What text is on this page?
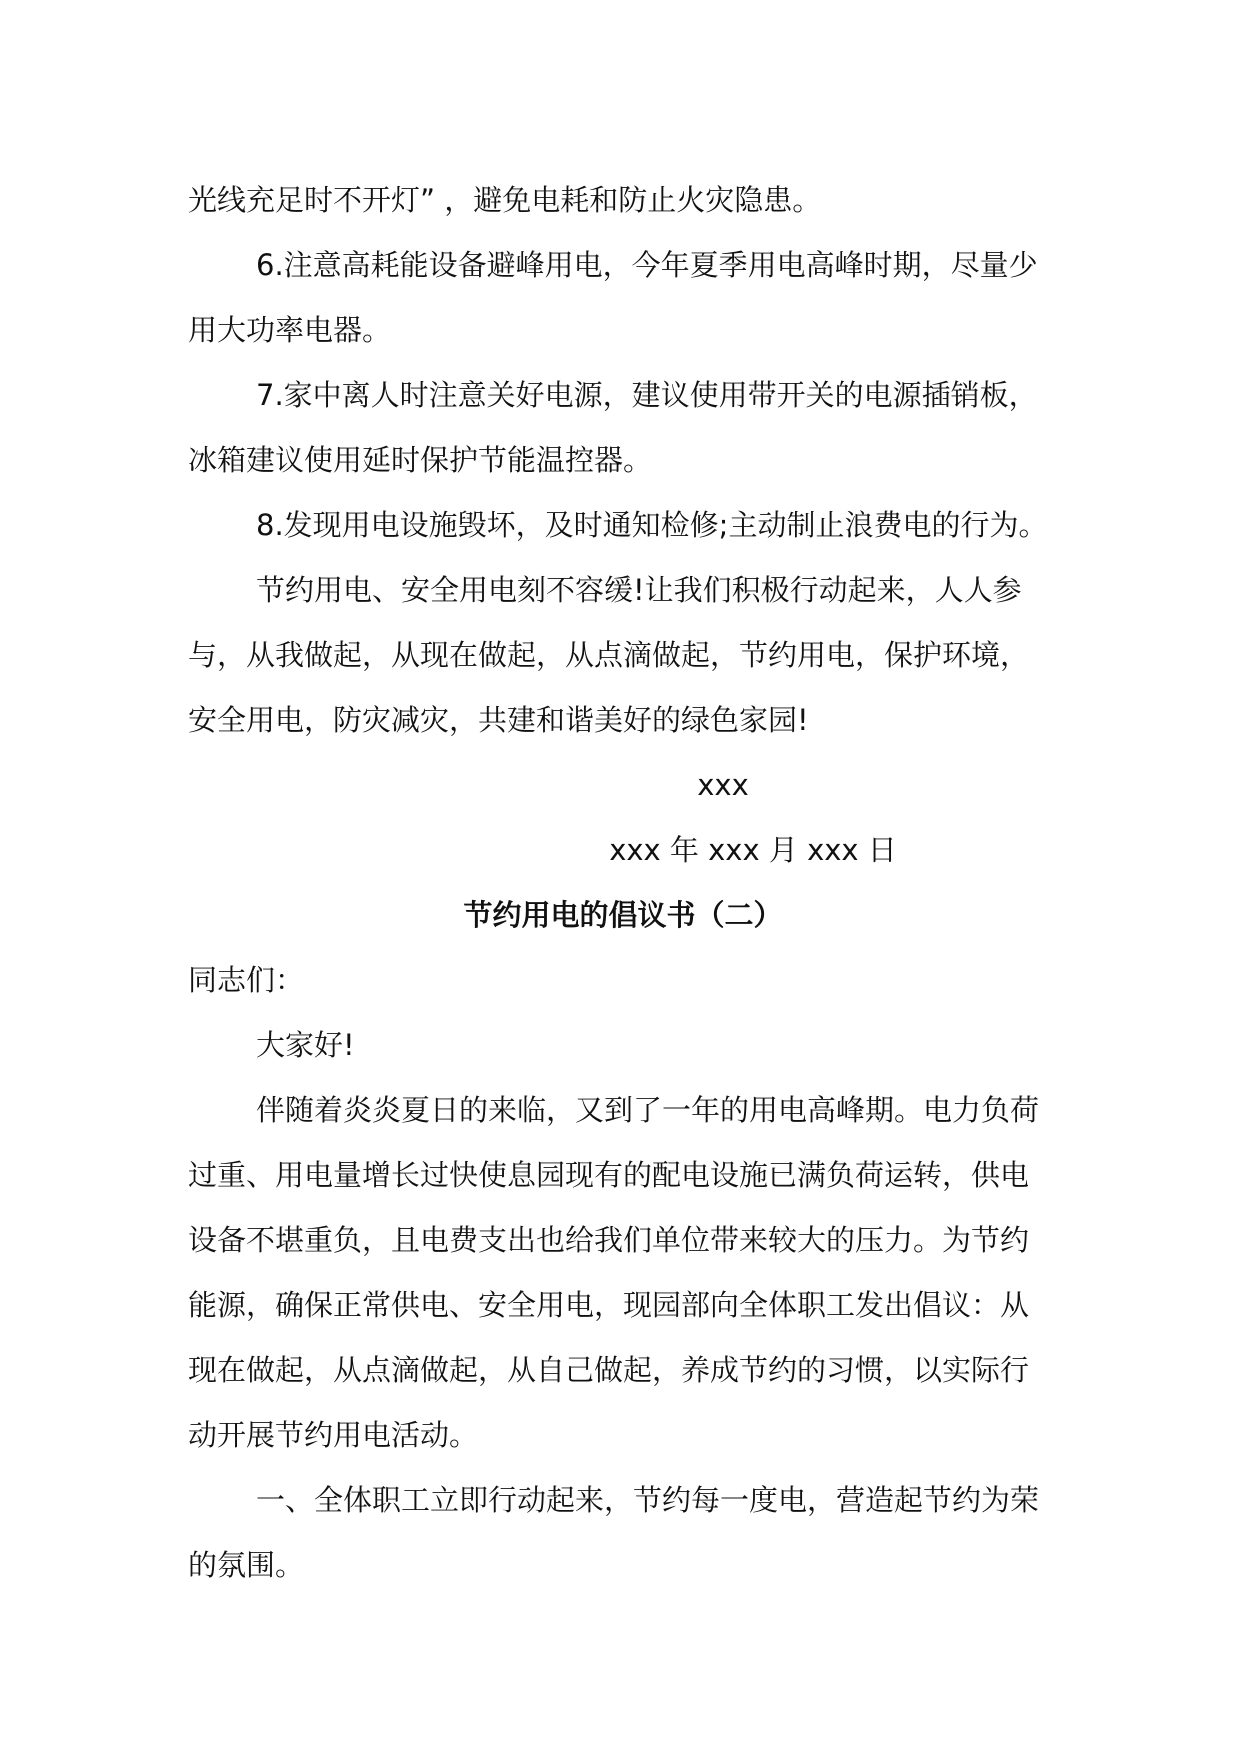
光线充足时不开灯” ，避免电耗和防止火灾隐患。
6.注意高耗能设备避峰用电，今年夏季用电高峰时期，尽量少
用大功率电器。
7.家中离人时注意关好电源，建议使用带开关的电源插销板，
冰箱建议使用延时保护节能温控器。
8.发现用电设施毁坏，及时通知检修;主动制止浪费电的行为。
节约用电、安全用电刻不容缓!让我们积极行动起来，人人参
与，从我做起，从现在做起，从点滴做起，节约用电，保护环境，
安全用电，防灾减灾，共建和谐美好的绿色家园!
xxx
xxx 年 xxx 月 xxx 日
节约用电的倡议书（二）
同志们：
大家好!
伴随着炎炎夏日的来临，又到了一年的用电高峰期。电力负荷
过重、用电量增长过快使息园现有的配电设施已满负荷运转，供电
设备不堪重负，且电费支出也给我们单位带来较大的压力。为节约
能源，确保正常供电、安全用电，现园部向全体职工发出倡议：从
现在做起，从点滴做起，从自己做起，养成节约的习惯，以实际行
动开展节约用电活动。
一、全体职工立即行动起来，节约每一度电，营造起节约为荣
的氛围。
